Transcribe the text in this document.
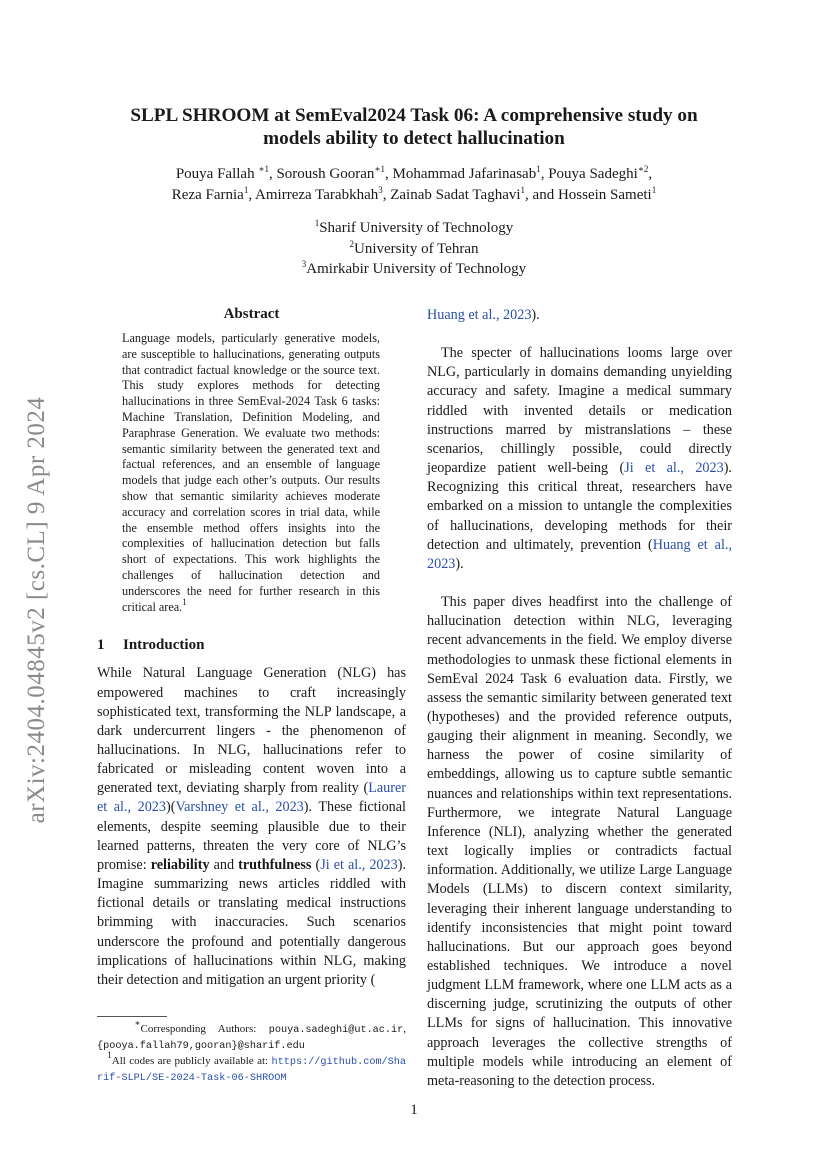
arXiv:2404.04845v2 [cs.CL] 9 Apr 2024
SLPL SHROOM at SemEval2024 Task 06: A comprehensive study on models ability to detect hallucination
Pouya Fallah $^{∗1}$, Soroush Gooran$^{∗1}$, Mohammad Jafarinasab$^1$, Pouya Sadeghi$^{∗2}$,
Reza Farnia$^1$, Amirreza Tarabkhah$^3$, Zainab Sadat Taghavi$^1$, and Hossein Sameti$^1$
$^1$Sharif University of Technology
$^2$University of Tehran
$^3$Amirkabir University of Technology
Abstract

Language models, particularly generative models, are susceptible to hallucinations, generating outputs that contradict factual knowledge or the source text. This study explores methods for detecting hallucinations in three SemEval-2024 Task 6 tasks: Machine Translation, Definition Modeling, and Paraphrase Generation. We evaluate two methods: semantic similarity between the generated text and factual references, and an ensemble of language models that judge each other’s outputs. Our results show that semantic similarity achieves moderate accuracy and correlation scores in trial data, while the ensemble method offers insights into the complexities of hallucination detection but falls short of expectations. This work highlights the challenges of hallucination detection and underscores the need for further research in this critical area.$^1$

1 Introduction

While Natural Language Generation (NLG) has empowered machines to craft increasingly sophisticated text, transforming the NLP landscape, a dark undercurrent lingers - the phenomenon of hallucinations. In NLG, hallucinations refer to fabricated or misleading content woven into a generated text, deviating sharply from reality (Laurer et al., 2023)(Varshney et al., 2023). These fictional elements, despite seeming plausible due to their learned patterns, threaten the very core of NLG’s promise: reliability and truthfulness (Ji et al., 2023). Imagine summarizing news articles riddled with fictional details or translating medical instructions brimming with inaccuracies. Such scenarios underscore the profound and potentially dangerous implications of hallucinations within NLG, making their detection and mitigation an urgent priority (

∗Corresponding Authors: pouya.sadeghi@ut.ac.ir, {pooya.fallah79,gooran}@sharif.edu

$^1$All codes are publicly available at: https://github.com/Sharif-SLPL/SE-2024-Task-06-SHROOM

Huang et al., 2023).

The specter of hallucinations looms large over NLG, particularly in domains demanding unyielding accuracy and safety. Imagine a medical summary riddled with invented details or medication instructions marred by mistranslations – these scenarios, chillingly possible, could directly jeopardize patient well-being (Ji et al., 2023). Recognizing this critical threat, researchers have embarked on a mission to untangle the complexities of hallucinations, developing methods for their detection and ultimately, prevention (Huang et al., 2023).

This paper dives headfirst into the challenge of hallucination detection within NLG, leveraging recent advancements in the field. We employ diverse methodologies to unmask these fictional elements in SemEval 2024 Task 6 evaluation data. Firstly, we assess the semantic similarity between generated text (hypotheses) and the provided reference outputs, gauging their alignment in meaning. Secondly, we harness the power of cosine similarity of embeddings, allowing us to capture subtle semantic nuances and relationships within text representations. Furthermore, we integrate Natural Language Inference (NLI), analyzing whether the generated text logically implies or contradicts factual information. Additionally, we utilize Large Language Models (LLMs) to discern context similarity, leveraging their inherent language understanding to identify inconsistencies that might point toward hallucinations. But our approach goes beyond established techniques. We introduce a novel judgment LLM framework, where one LLM acts as a discerning judge, scrutinizing the outputs of other LLMs for signs of hallucination. This innovative approach leverages the collective strengths of multiple models while introducing an element of meta-reasoning to the detection process.

1
